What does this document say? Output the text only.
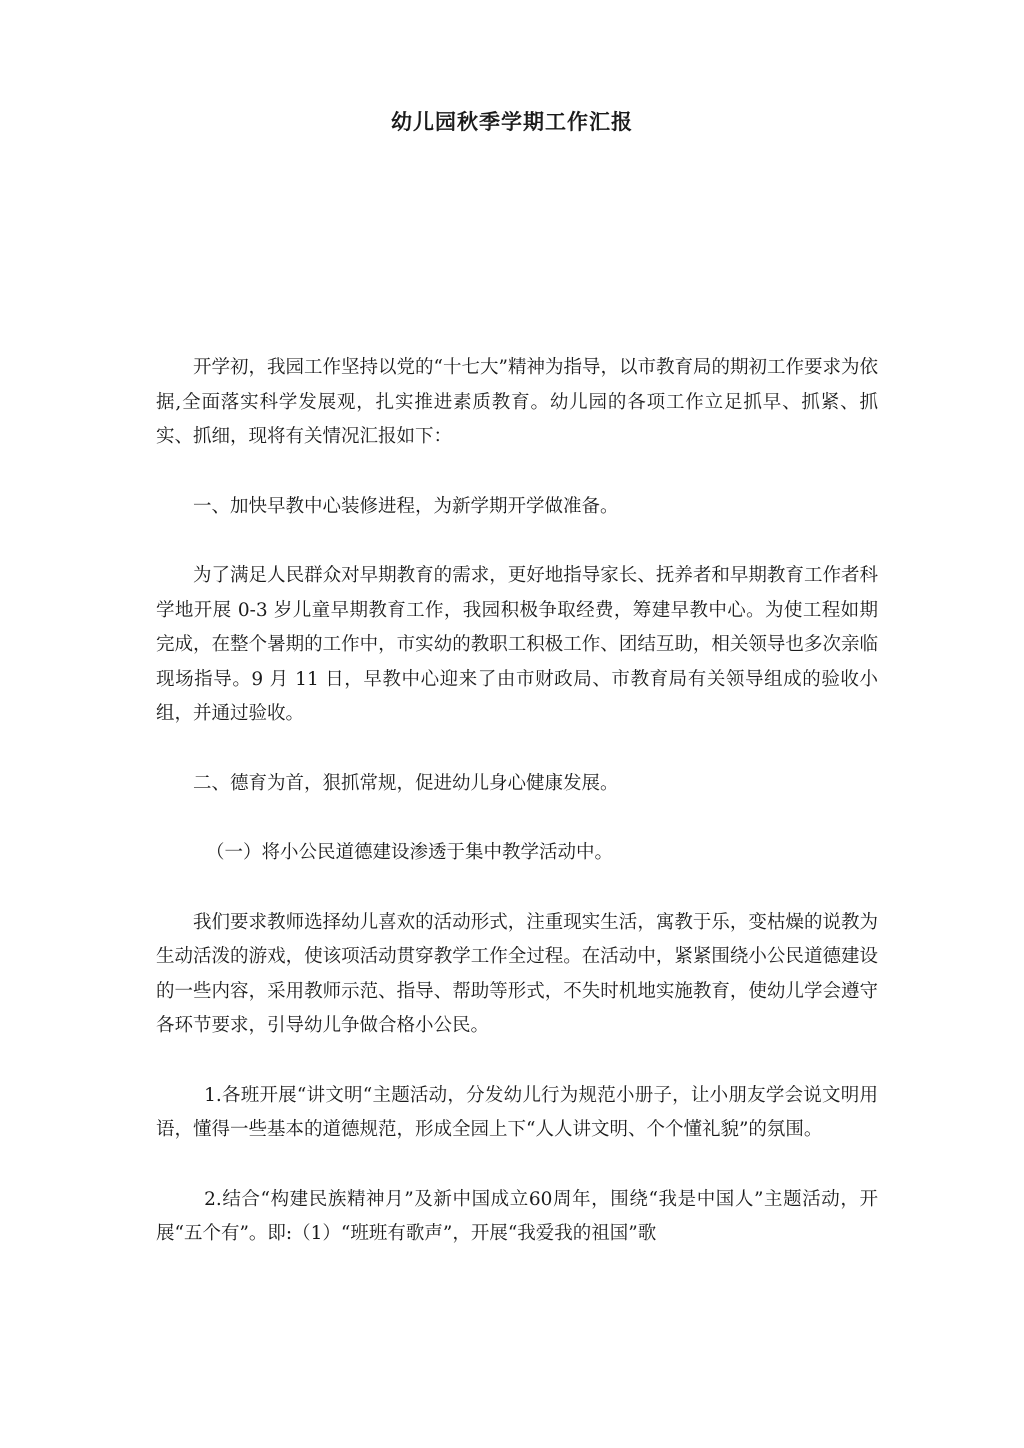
幼儿园秋季学期工作汇报

开学初，我园工作坚持以党的“十七大”精神为指导，以市教育局的期初工作要求为依据,全面落实科学发展观，扎实推进素质教育。幼儿园的各项工作立足抓早、抓紧、抓实、抓细，现将有关情况汇报如下：

一、加快早教中心装修进程，为新学期开学做准备。

为了满足人民群众对早期教育的需求，更好地指导家长、抚养者和早期教育工作者科学地开展 0-3 岁儿童早期教育工作，我园积极争取经费，筹建早教中心。为使工程如期完成，在整个暑期的工作中，市实幼的教职工积极工作、团结互助，相关领导也多次亲临现场指导。9 月 11 日，早教中心迎来了由市财政局、市教育局有关领导组成的验收小组，并通过验收。

二、德育为首，狠抓常规，促进幼儿身心健康发展。

（一）将小公民道德建设渗透于集中教学活动中。

我们要求教师选择幼儿喜欢的活动形式，注重现实生活，寓教于乐，变枯燥的说教为生动活泼的游戏，使该项活动贯穿教学工作全过程。在活动中，紧紧围绕小公民道德建设的一些内容，采用教师示范、指导、帮助等形式，不失时机地实施教育，使幼儿学会遵守各环节要求，引导幼儿争做合格小公民。

1.各班开展“讲文明“主题活动，分发幼儿行为规范小册子，让小朋友学会说文明用语，懂得一些基本的道德规范，形成全园上下“人人讲文明、个个懂礼貌”的氛围。

2.结合“构建民族精神月”及新中国成立60周年，围绕“我是中国人”主题活动，开展“五个有”。即:（1）“班班有歌声”，开展“我爱我的祖国”歌
